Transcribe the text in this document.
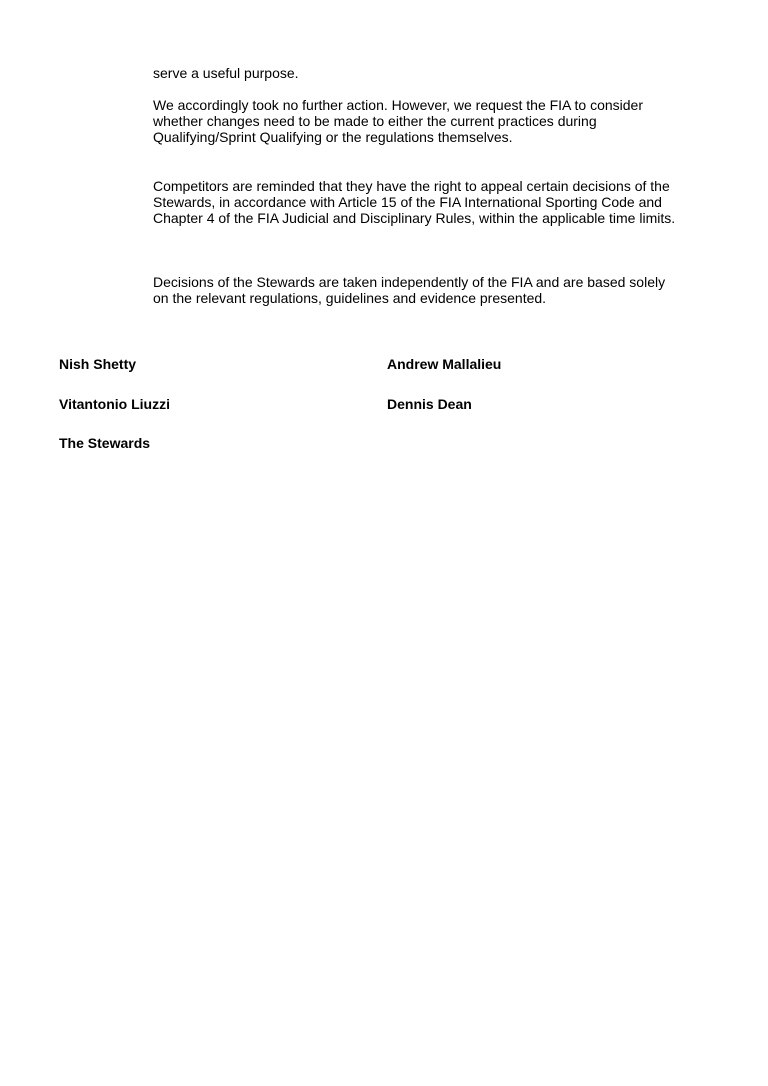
serve a useful purpose.

We accordingly took no further action. However, we request the FIA to consider
whether changes need to be made to either the current practices during
Qualifying/Sprint Qualifying or the regulations themselves.

Competitors are reminded that they have the right to appeal certain decisions of the
Stewards, in accordance with Article 15 of the FIA International Sporting Code and
Chapter 4 of the FIA Judicial and Disciplinary Rules, within the applicable time limits.

Decisions of the Stewards are taken independently of the FIA and are based solely
on the relevant regulations, guidelines and evidence presented.

Nish Shetty	Andrew Mallalieu

Vitantonio Liuzzi	Dennis Dean

The Stewards
